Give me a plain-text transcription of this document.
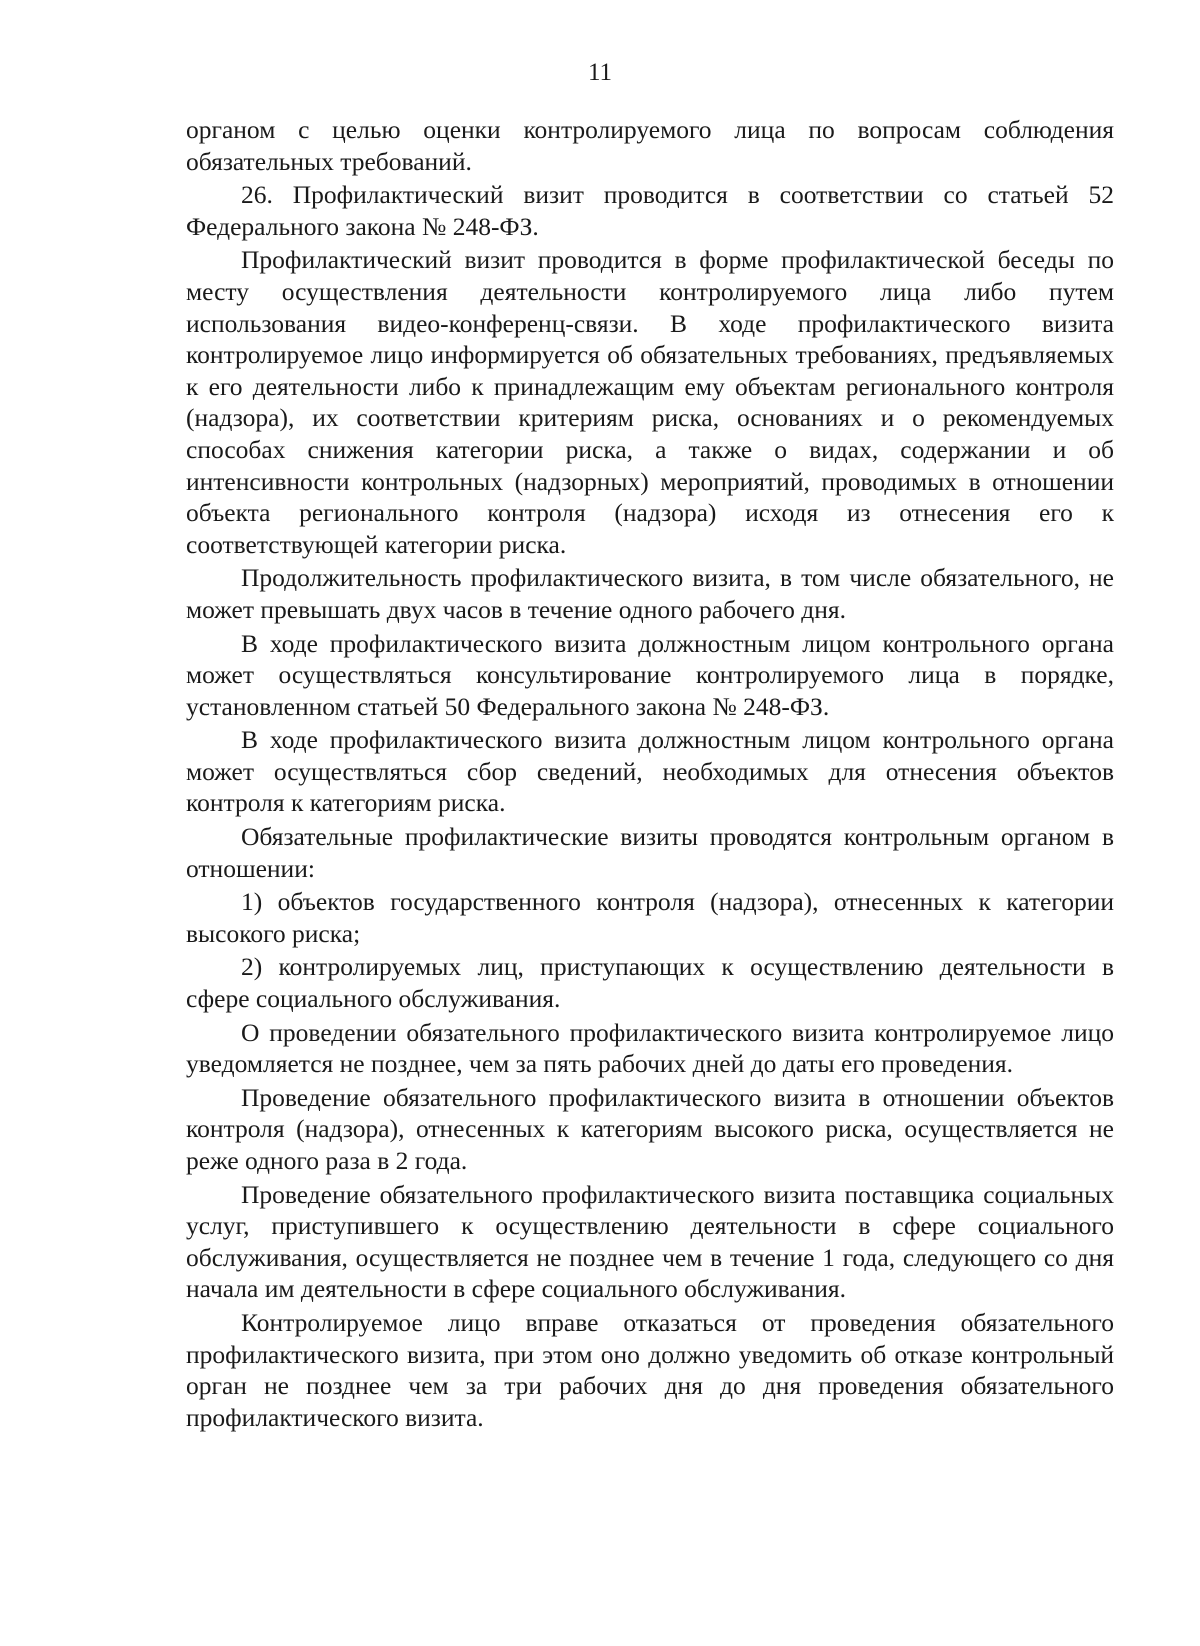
11

органом с целью оценки контролируемого лица по вопросам соблюдения обязательных требований.

26. Профилактический визит проводится в соответствии со статьей 52 Федерального закона № 248-ФЗ.

Профилактический визит проводится в форме профилактической беседы по месту осуществления деятельности контролируемого лица либо путем использования видео-конференц-связи. В ходе профилактического визита контролируемое лицо информируется об обязательных требованиях, предъявляемых к его деятельности либо к принадлежащим ему объектам регионального контроля (надзора), их соответствии критериям риска, основаниях и о рекомендуемых способах снижения категории риска, а также о видах, содержании и об интенсивности контрольных (надзорных) мероприятий, проводимых в отношении объекта регионального контроля (надзора) исходя из отнесения его к соответствующей категории риска.

Продолжительность профилактического визита, в том числе обязательного, не может превышать двух часов в течение одного рабочего дня.

В ходе профилактического визита должностным лицом контрольного органа может осуществляться консультирование контролируемого лица в порядке, установленном статьей 50 Федерального закона № 248-ФЗ.

В ходе профилактического визита должностным лицом контрольного органа может осуществляться сбор сведений, необходимых для отнесения объектов контроля к категориям риска.

Обязательные профилактические визиты проводятся контрольным органом в отношении:

1) объектов государственного контроля (надзора), отнесенных к категории высокого риска;

2) контролируемых лиц, приступающих к осуществлению деятельности в сфере социального обслуживания.

О проведении обязательного профилактического визита контролируемое лицо уведомляется не позднее, чем за пять рабочих дней до даты его проведения.

Проведение обязательного профилактического визита в отношении объектов контроля (надзора), отнесенных к категориям высокого риска, осуществляется не реже одного раза в 2 года.

Проведение обязательного профилактического визита поставщика социальных услуг, приступившего к осуществлению деятельности в сфере социального обслуживания, осуществляется не позднее чем в течение 1 года, следующего со дня начала им деятельности в сфере социального обслуживания.

Контролируемое лицо вправе отказаться от проведения обязательного профилактического визита, при этом оно должно уведомить об отказе контрольный орган не позднее чем за три рабочих дня до дня проведения обязательного профилактического визита.
